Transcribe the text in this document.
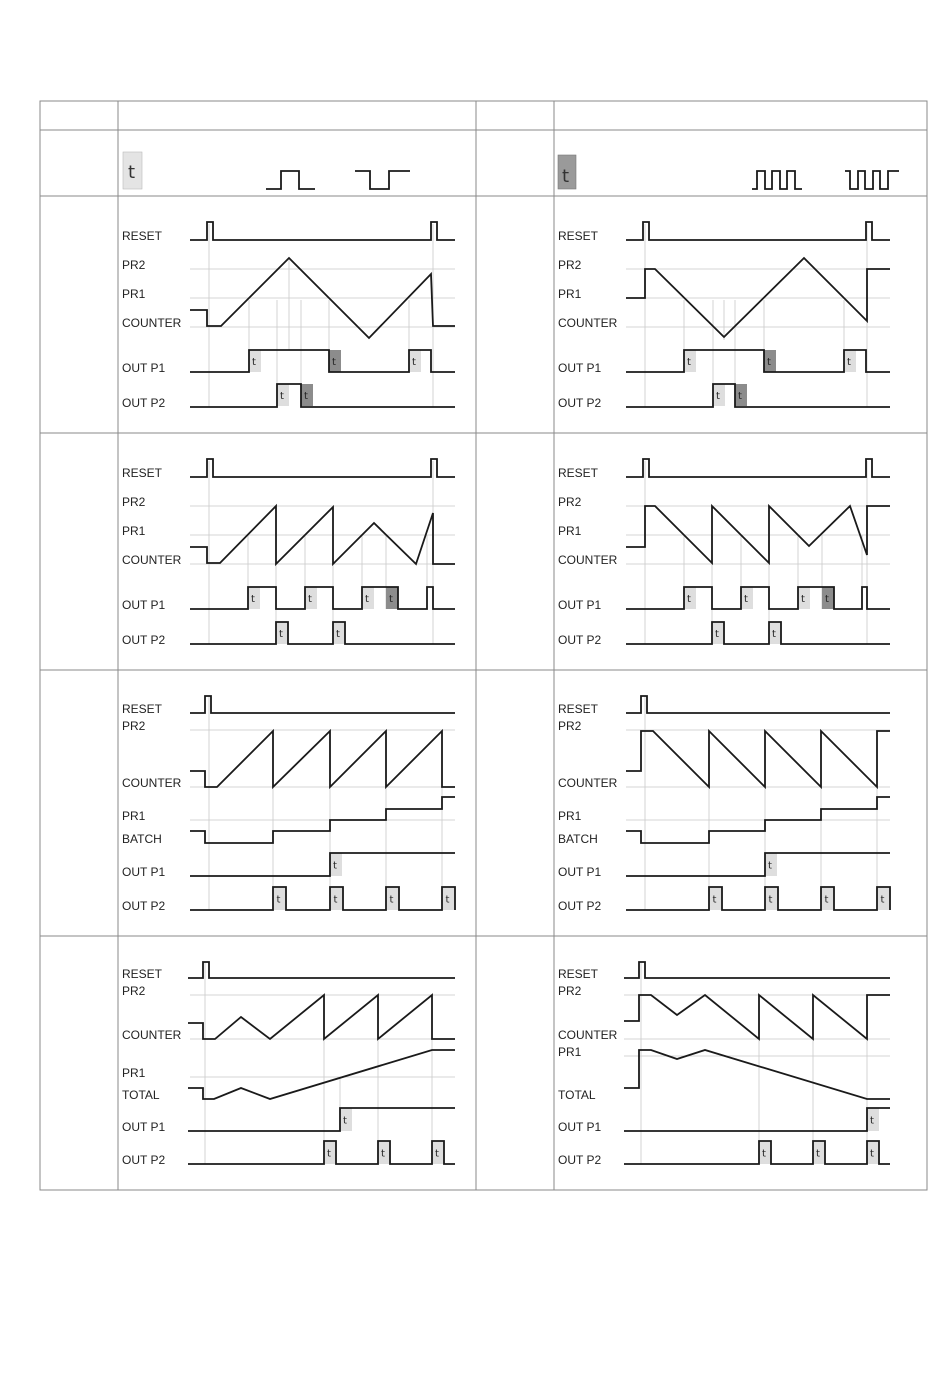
t	t
RESET
PR2
PR1
COUNTER
OUT P1
OUT P2
t	t	t
t t
RESET
PR2
PR1
COUNTER
OUT P1
OUT P2
t	t	t
t t
RESET
PR2
PR1
COUNTER
OUT P1
OUT P2
t	t	t t
t	t
RESET
PR2
PR1
COUNTER
OUT P1
OUT P2
t	t	t t
t	t
RESET
PR2
COUNTER
PR1
BATCH
OUT P1
OUT P2	t	t	t	t
t
RESET
PR2
COUNTER
PR1
BATCH
OUT P1
OUT P2	t	t	t	t
t
RESET
PR2
COUNTER
PR1
TOTAL
OUT P1
OUT P2	t	t	t
t
RESET
PR2
COUNTER
PR1
TOTAL
OUT P1
OUT P2	t	t	t
t
